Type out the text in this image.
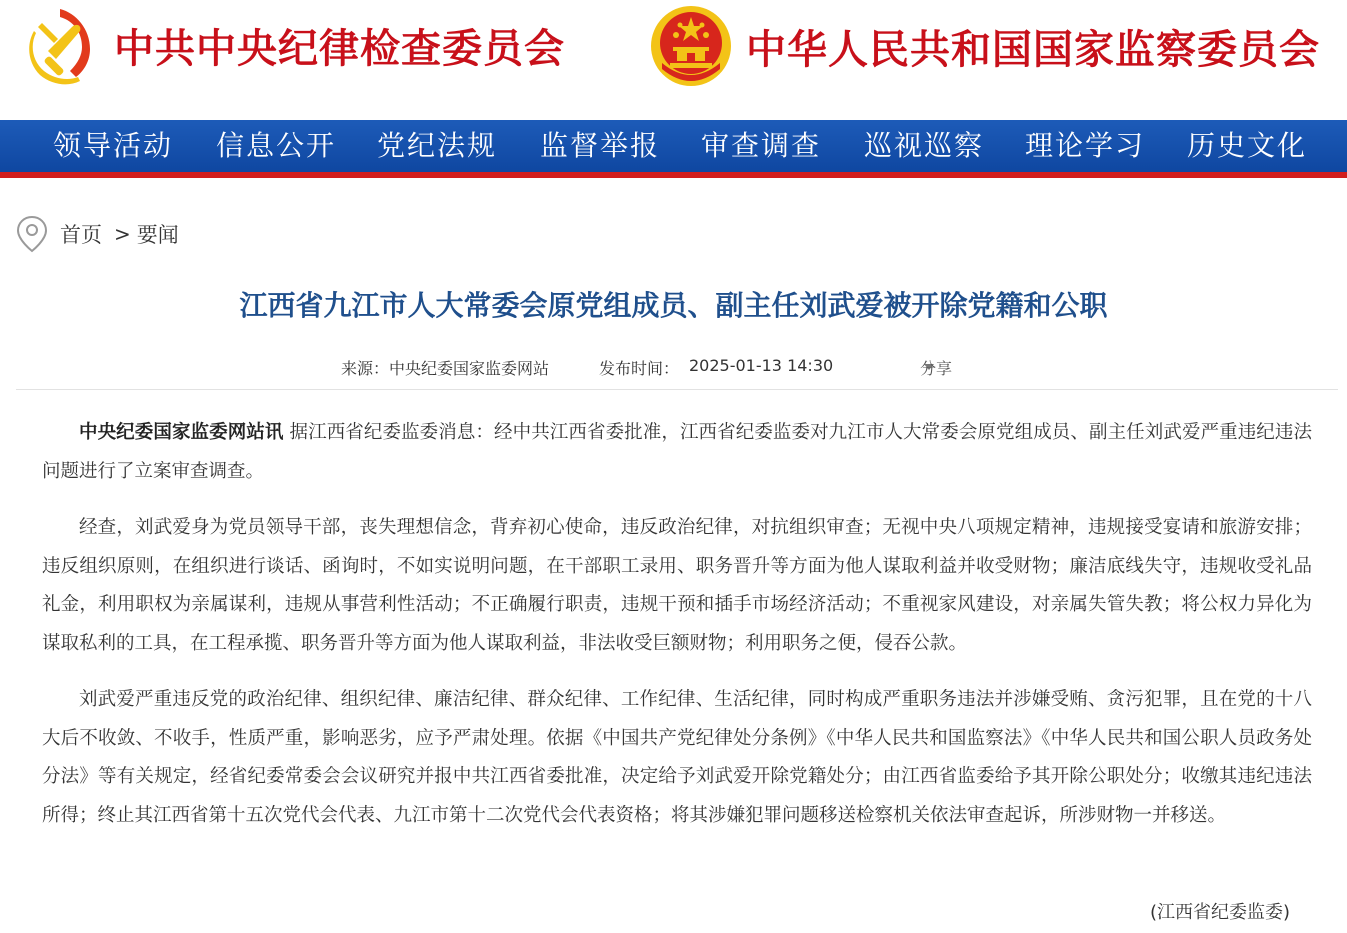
中共中央纪律检查委员会	中华人民共和国国家监察委员会
领导活动 信息公开 党纪法规 监督举报 审查调查 巡视巡察 理论学习 历史文化
首页 > 要闻
江西省九江市人大常委会原党组成员、副主任刘武爱被开除党籍和公职
来源：中央纪委国家监委网站	发布时间： 2025-01-13 14:30	分享

中央纪委国家监委网站讯 据江西省纪委监委消息：经中共江西省委批准，江西省纪委监委对九江市人大常委会原党组成员、副主任刘武爱严重违纪违法问题进行了立案审查调查。

经查，刘武爱身为党员领导干部，丧失理想信念，背弃初心使命，违反政治纪律，对抗组织审查；无视中央八项规定精神，违规接受宴请和旅游安排；违反组织原则，在组织进行谈话、函询时，不如实说明问题，在干部职工录用、职务晋升等方面为他人谋取利益并收受财物；廉洁底线失守，违规收受礼品礼金，利用职权为亲属谋利，违规从事营利性活动；不正确履行职责，违规干预和插手市场经济活动；不重视家风建设，对亲属失管失教；将公权力异化为谋取私利的工具，在工程承揽、职务晋升等方面为他人谋取利益，非法收受巨额财物；利用职务之便，侵吞公款。

刘武爱严重违反党的政治纪律、组织纪律、廉洁纪律、群众纪律、工作纪律、生活纪律，同时构成严重职务违法并涉嫌受贿、贪污犯罪，且在党的十八大后不收敛、不收手，性质严重，影响恶劣，应予严肃处理。依据《中国共产党纪律处分条例》《中华人民共和国监察法》《中华人民共和国公职人员政务处分法》等有关规定，经省纪委常委会会议研究并报中共江西省委批准，决定给予刘武爱开除党籍处分；由江西省监委给予其开除公职处分；收缴其违纪违法所得；终止其江西省第十五次党代会代表、九江市第十二次党代会代表资格；将其涉嫌犯罪问题移送检察机关依法审查起诉，所涉财物一并移送。

(江西省纪委监委)
